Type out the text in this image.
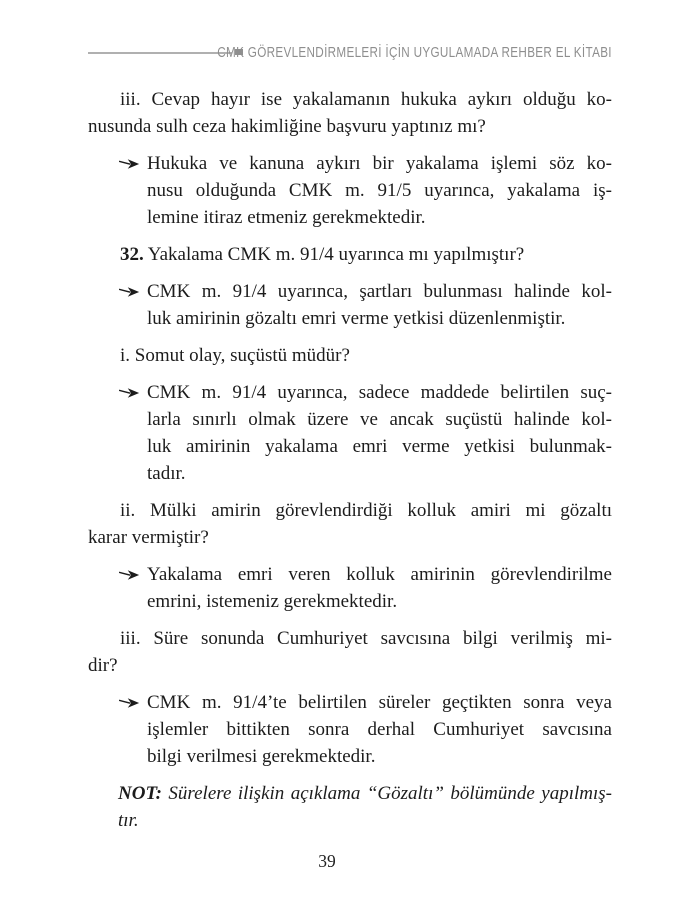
CMK GÖREVLENDİRMELERİ İÇİN UYGULAMADA REHBER EL KİTABI
iii. Cevap hayır ise yakalamanın hukuka aykırı olduğu ko-
nusunda sulh ceza hakimliğine başvuru yaptınız mı?
Hukuka ve kanuna aykırı bir yakalama işlemi söz ko-
nusu olduğunda CMK m. 91/5 uyarınca, yakalama iş-
lemine itiraz etmeniz gerekmektedir.
32. Yakalama CMK m. 91/4 uyarınca mı yapılmıştır?
CMK m. 91/4 uyarınca, şartları bulunması halinde kol-
luk amirinin gözaltı emri verme yetkisi düzenlenmiştir.
i. Somut olay, suçüstü müdür?
CMK m. 91/4 uyarınca, sadece maddede belirtilen suç-
larla sınırlı olmak üzere ve ancak suçüstü halinde kol-
luk amirinin yakalama emri verme yetkisi bulunmak-
tadır.
ii. Mülki amirin görevlendirdiği kolluk amiri mi gözaltı
karar vermiştir?
Yakalama emri veren kolluk amirinin görevlendirilme
emrini, istemeniz gerekmektedir.
iii. Süre sonunda Cumhuriyet savcısına bilgi verilmiş mi-
dir?
CMK m. 91/4’te belirtilen süreler geçtikten sonra veya
işlemler bittikten sonra derhal Cumhuriyet savcısına
bilgi verilmesi gerekmektedir.
NOT: Sürelere ilişkin açıklama “Gözaltı” bölümünde yapılmış-
tır.
39
